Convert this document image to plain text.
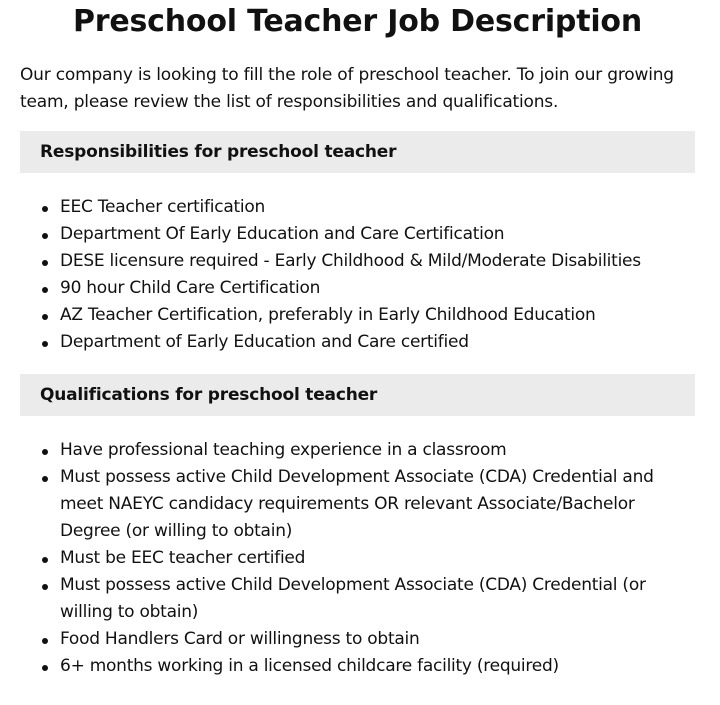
Preschool Teacher Job Description

Our company is looking to fill the role of preschool teacher. To join our growing team, please review the list of responsibilities and qualifications.

Responsibilities for preschool teacher
EEC Teacher certification
Department Of Early Education and Care Certification
DESE licensure required - Early Childhood & Mild/Moderate Disabilities
90 hour Child Care Certification
AZ Teacher Certification, preferably in Early Childhood Education
Department of Early Education and Care certified
Qualifications for preschool teacher
Have professional teaching experience in a classroom
Must possess active Child Development Associate (CDA) Credential and meet NAEYC candidacy requirements OR relevant Associate/Bachelor Degree (or willing to obtain)
Must be EEC teacher certified
Must possess active Child Development Associate (CDA) Credential (or willing to obtain)
Food Handlers Card or willingness to obtain
6+ months working in a licensed childcare facility (required)
